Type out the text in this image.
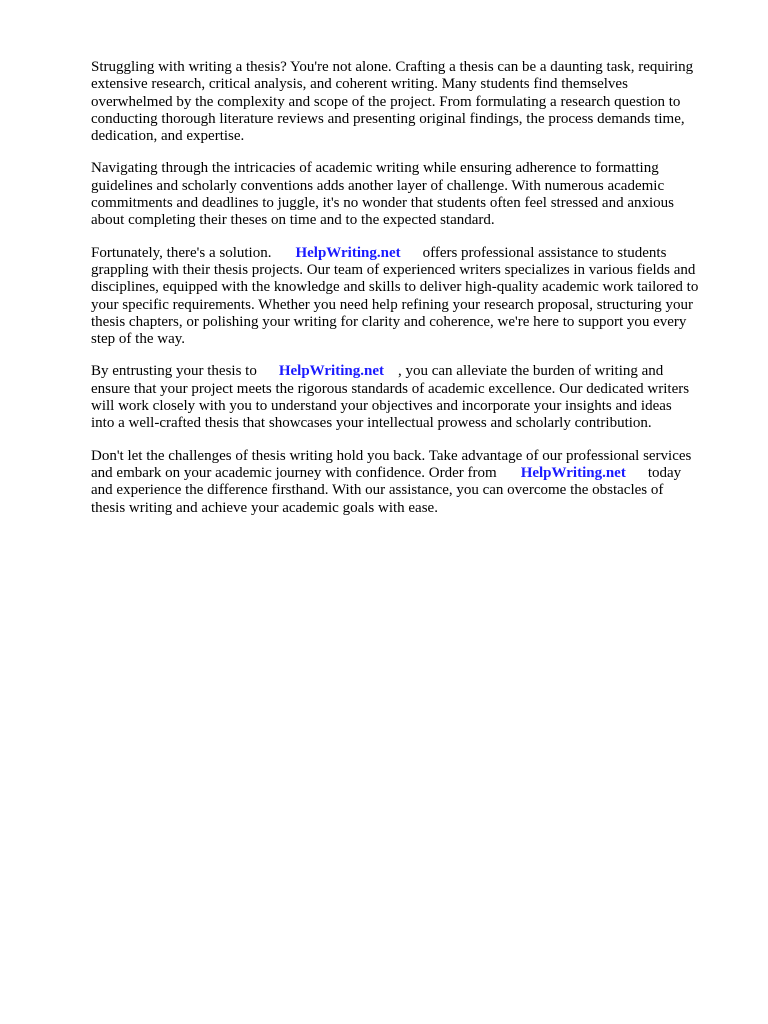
Struggling with writing a thesis? You're not alone. Crafting a thesis can be a daunting task, requiring
extensive research, critical analysis, and coherent writing. Many students find themselves
overwhelmed by the complexity and scope of the project. From formulating a research question to
conducting thorough literature reviews and presenting original findings, the process demands time,
dedication, and expertise.

Navigating through the intricacies of academic writing while ensuring adherence to formatting
guidelines and scholarly conventions adds another layer of challenge. With numerous academic
commitments and deadlines to juggle, it's no wonder that students often feel stressed and anxious
about completing their theses on time and to the expected standard.

Fortunately, there's a solution. HelpWriting.net offers professional assistance to students
grappling with their thesis projects. Our team of experienced writers specializes in various fields and
disciplines, equipped with the knowledge and skills to deliver high-quality academic work tailored to
your specific requirements. Whether you need help refining your research proposal, structuring your
thesis chapters, or polishing your writing for clarity and coherence, we're here to support you every
step of the way.

By entrusting your thesis to HelpWriting.net , you can alleviate the burden of writing and
ensure that your project meets the rigorous standards of academic excellence. Our dedicated writers
will work closely with you to understand your objectives and incorporate your insights and ideas
into a well-crafted thesis that showcases your intellectual prowess and scholarly contribution.

Don't let the challenges of thesis writing hold you back. Take advantage of our professional services
and embark on your academic journey with confidence. Order from HelpWriting.net today
and experience the difference firsthand. With our assistance, you can overcome the obstacles of
thesis writing and achieve your academic goals with ease.
